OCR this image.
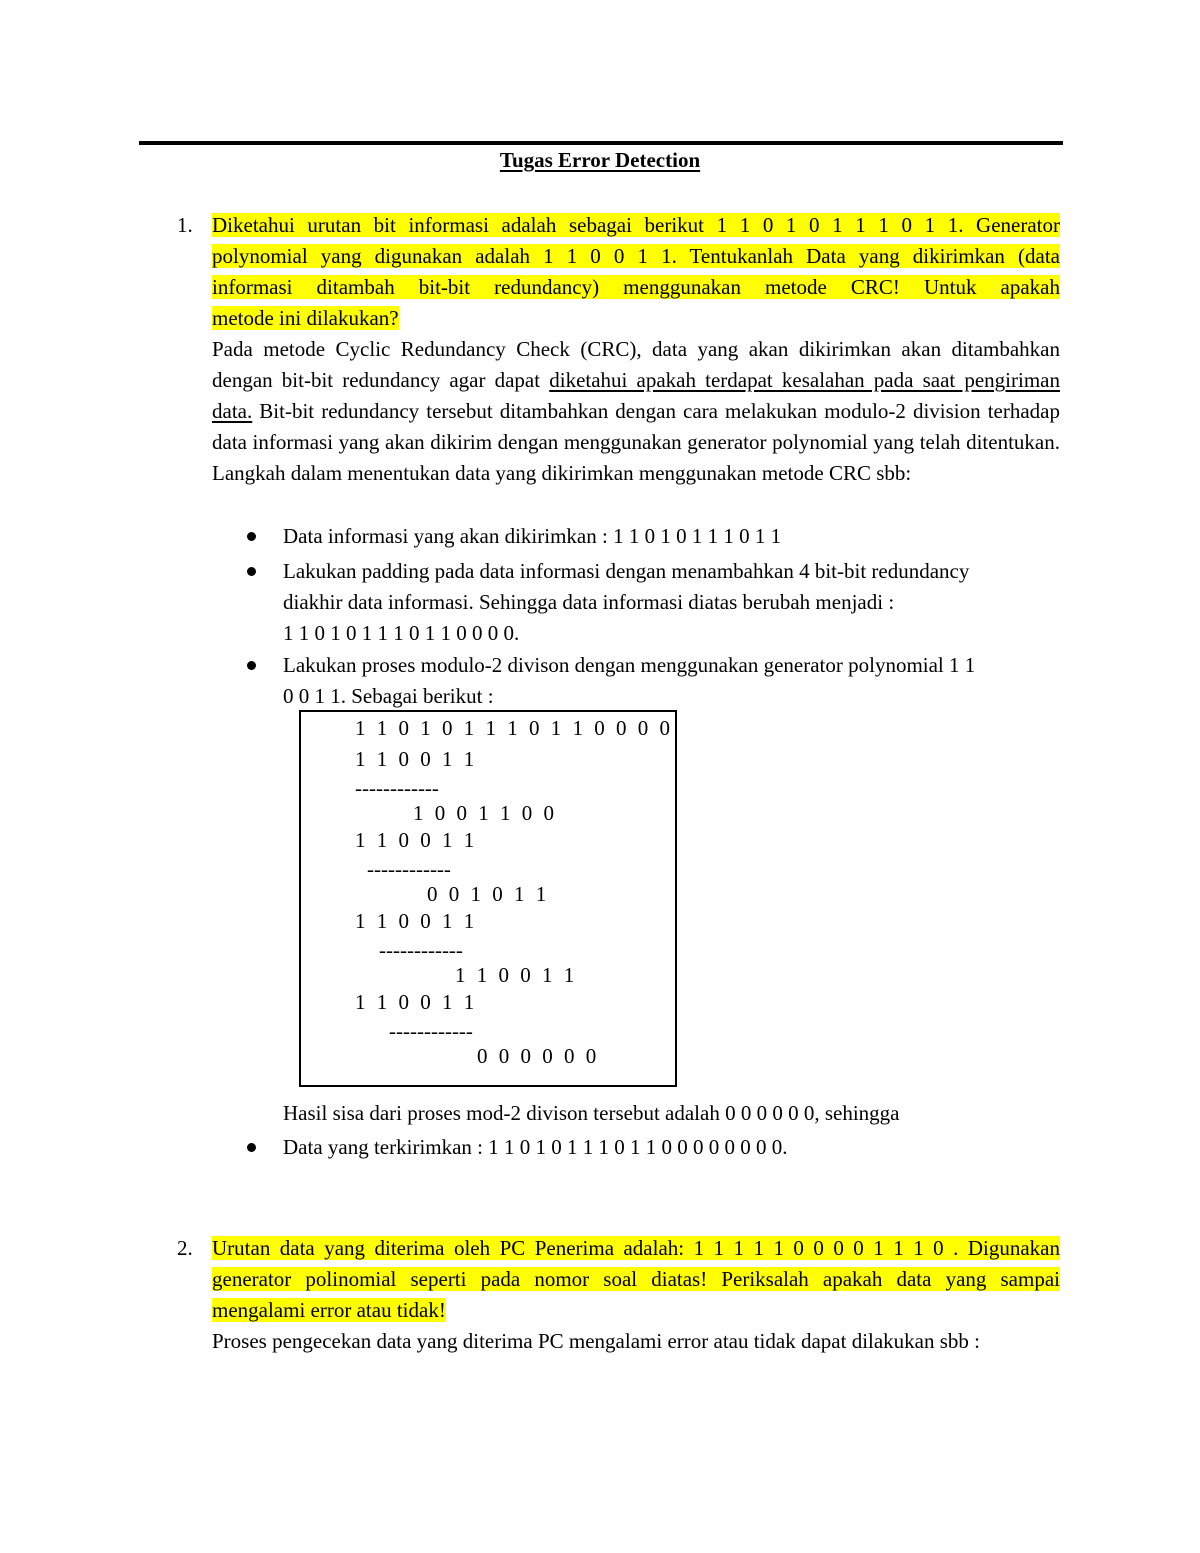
Tugas Error Detection
1. Diketahui urutan bit informasi adalah sebagai berikut 1 1 0 1 0 1 1 1 0 1 1. Generator
polynomial yang digunakan adalah 1 1 0 0 1 1. Tentukanlah Data yang dikirimkan (data
informasi ditambah bit-bit redundancy) menggunakan metode CRC! Untuk apakah
metode ini dilakukan?
Pada metode Cyclic Redundancy Check (CRC), data yang akan dikirimkan akan ditambahkan dengan bit-bit redundancy agar dapat diketahui apakah terdapat kesalahan pada saat pengiriman data. Bit-bit redundancy tersebut ditambahkan dengan cara melakukan modulo-2 division terhadap data informasi yang akan dikirim dengan menggunakan generator polynomial yang telah ditentukan. Langkah dalam menentukan data yang dikirimkan menggunakan metode CRC sbb:
Data informasi yang akan dikirimkan : 1 1 0 1 0 1 1 1 0 1 1
Lakukan padding pada data informasi dengan menambahkan 4 bit-bit redundancy
diakhir data informasi. Sehingga data informasi diatas berubah menjadi :
1 1 0 1 0 1 1 1 0 1 1 0 0 0 0.
Lakukan proses modulo-2 divison dengan menggunakan generator polynomial 1 1
0 0 1 1. Sebagai berikut :
1 1 0 1 0 1 1 1 0 1 1 0 0 0 0
1 1 0 0 1 1
------------
1 0 0 1 1 0 0
1 1 0 0 1 1
------------
0 0 1 0 1 1
1 1 0 0 1 1
------------
1 1 0 0 1 1
1 1 0 0 1 1
------------
0 0 0 0 0 0
Hasil sisa dari proses mod-2 divison tersebut adalah 0 0 0 0 0 0, sehingga
Data yang terkirimkan : 1 1 0 1 0 1 1 1 0 1 1 0 0 0 0 0 0 0 0.
2. Urutan data yang diterima oleh PC Penerima adalah: 1 1 1 1 1 0 0 0 0 1 1 1 0 . Digunakan
generator polinomial seperti pada nomor soal diatas! Periksalah apakah data yang sampai
mengalami error atau tidak!
Proses pengecekan data yang diterima PC mengalami error atau tidak dapat dilakukan sbb :
